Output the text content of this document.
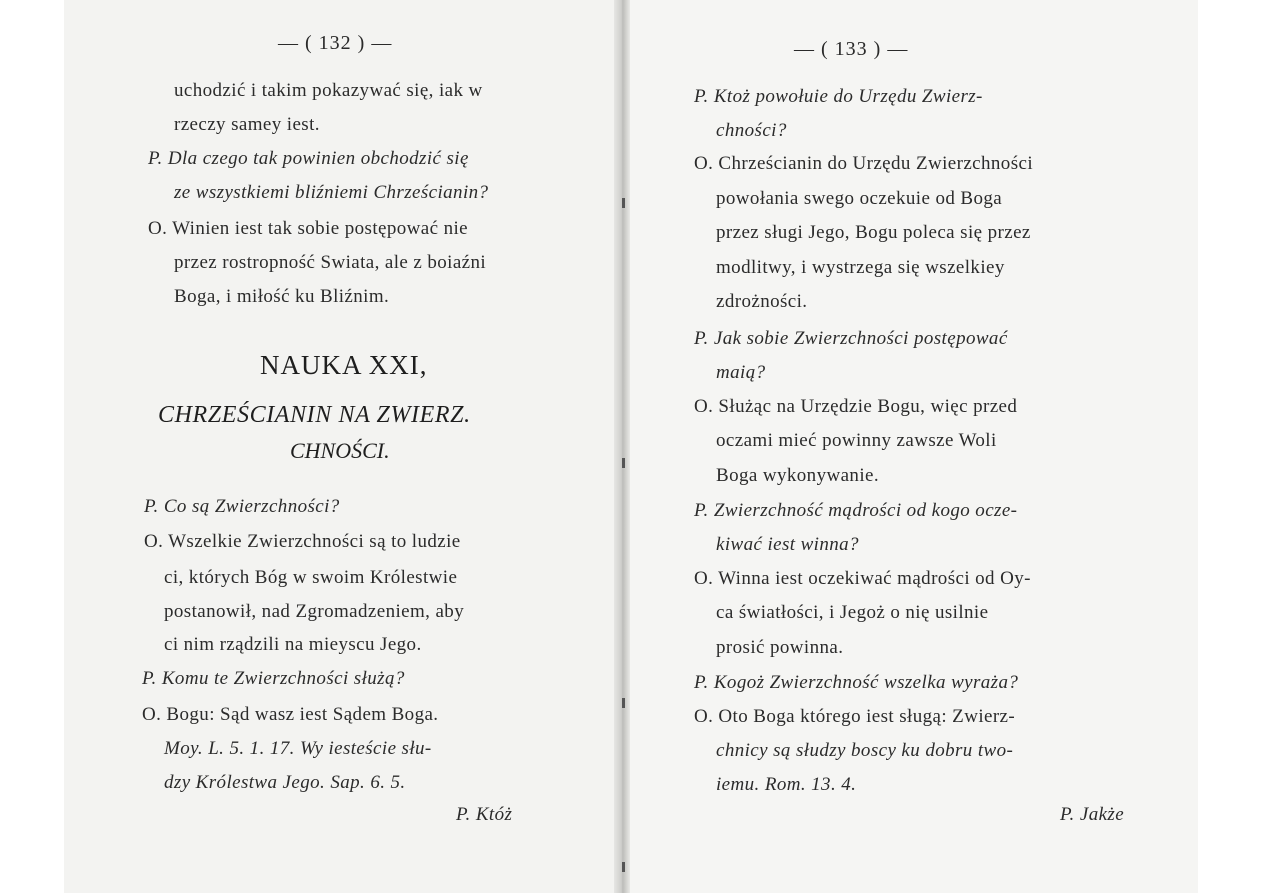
— ( 132 ) —
uchodzić i takim pokazywać się, iak w
rzeczy samey iest.
P. Dla czego tak powinien obchodzić się
ze wszystkiemi bliźniemi Chrześcianin?
O. Winien iest tak sobie postępować nie
przez rostropność Swiata, ale z boiaźni
Boga, i miłość ku Bliźnim.
NAUKA XXI,
CHRZEŚCIANIN NA ZWIERZ.
CHNOŚCI.
P. Co są Zwierzchności?
O. Wszelkie Zwierzchności są to ludzie
ci, których Bóg w swoim Królestwie
postanowił, nad Zgromadzeniem, aby
ci nim rządzili na mieyscu Jego.
P. Komu te Zwierzchności służą?
O. Bogu: Sąd wasz iest Sądem Boga.
Moy. L. 5. 1. 17. Wy iesteście słu-
dzy Królestwa Jego. Sap. 6. 5.
P. Któż
— ( 133 ) —
P. Ktoż powołuie do Urzędu Zwierz-
chności?
O. Chrześcianin do Urzędu Zwierzchności
powołania swego oczekuie od Boga
przez sługi Jego, Bogu poleca się przez
modlitwy, i wystrzega się wszelkiey
zdrożności.
P. Jak sobie Zwierzchności postępować
maią?
O. Służąc na Urzędzie Bogu, więc przed
oczami mieć powinny zawsze Woli
Boga wykonywanie.
P. Zwierzchność mądrości od kogo ocze-
kiwać iest winna?
O. Winna iest oczekiwać mądrości od Oy-
ca światłości, i Jegoż o nię usilnie
prosić powinna.
P. Kogoż Zwierzchność wszelka wyraża?
O. Oto Boga którego iest sługą: Zwierz-
chnicy są słudzy boscy ku dobru two-
iemu. Rom. 13. 4.
P. Jakże
